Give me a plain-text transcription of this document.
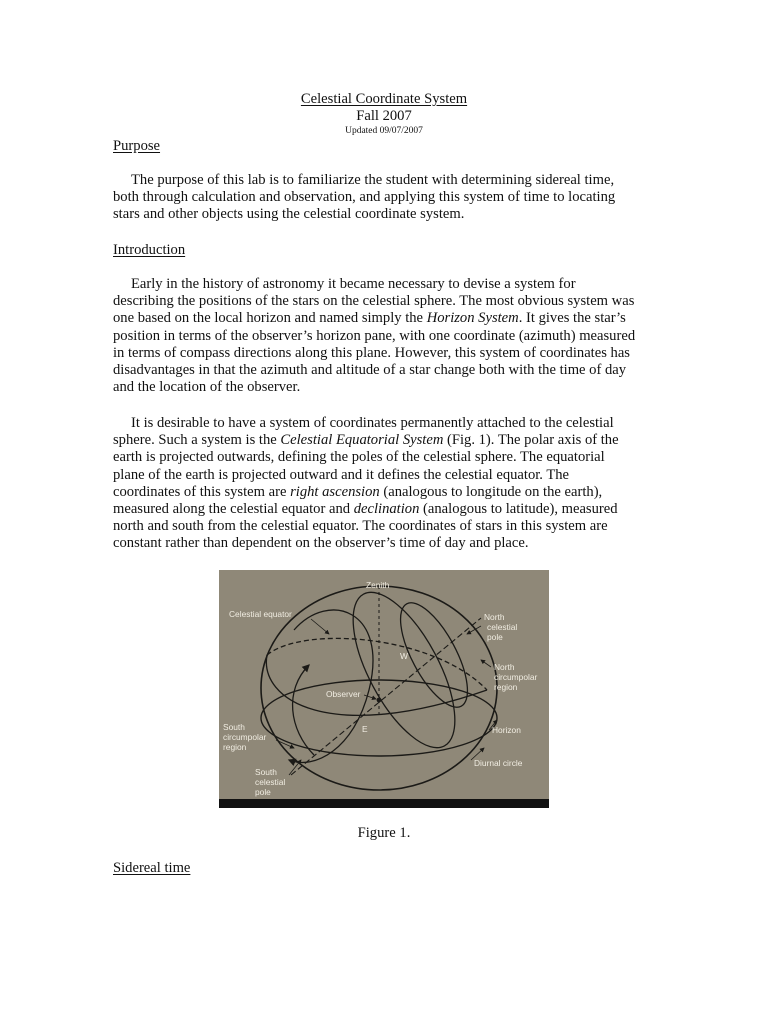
Celestial Coordinate System
Fall 2007
Updated 09/07/2007
Purpose
The purpose of this lab is to familiarize the student with determining sidereal time,
both through calculation and observation, and applying this system of time to locating
stars and other objects using the celestial coordinate system.
Introduction
Early in the history of astronomy it became necessary to devise a system for
describing the positions of the stars on the celestial sphere. The most obvious system was
one based on the local horizon and named simply the Horizon System. It gives the star’s
position in terms of the observer’s horizon pane, with one coordinate (azimuth) measured
in terms of compass directions along this plane. However, this system of coordinates has
disadvantages in that the azimuth and altitude of a star change both with the time of day
and the location of the observer.
It is desirable to have a system of coordinates permanently attached to the celestial
sphere. Such a system is the Celestial Equatorial System (Fig. 1). The polar axis of the
earth is projected outwards, defining the poles of the celestial sphere. The equatorial
plane of the earth is projected outward and it defines the celestial equator. The
coordinates of this system are right ascension (analogous to longitude on the earth),
measured along the celestial equator and declination (analogous to latitude), measured
north and south from the celestial equator. The coordinates of stars in this system are
constant rather than dependent on the observer’s time of day and place.
Zenith
Celestial equator	North
celestial
pole
W
North
circumpolar
region
Observer
E
South
circumpolar
region
Horizon
Diurnal circle
South
celestial
pole
Figure 1.
Sidereal time
